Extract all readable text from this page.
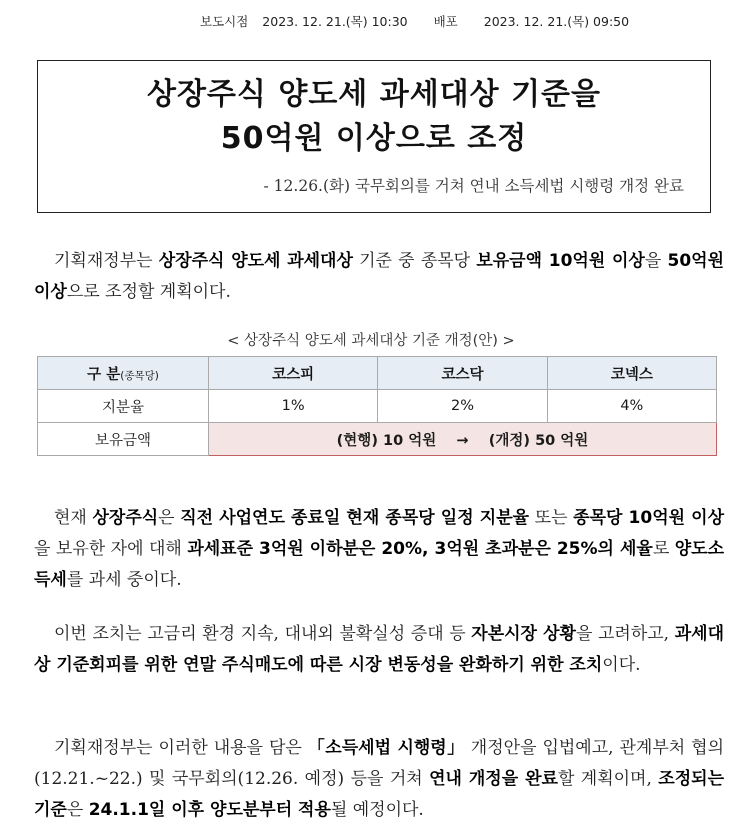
보도시점 2023. 12. 21.(목) 10:30 배포 2023. 12. 21.(목) 09:50
상장주식 양도세 과세대상 기준을
50억원 이상으로 조정
- 12.26.(화) 국무회의를 거쳐 연내 소득세법 시행령 개정 완료
기획재정부는 상장주식 양도세 과세대상 기준 중 종목당 보유금액 10억원 이상을 50억원 이상으로 조정할 계획이다.
< 상장주식 양도세 과세대상 기준 개정(안) >
구 분(종목당)	코스피	코스닥	코넥스
지분율	1%	2%	4%
보유금액	(현행) 10 억원    →    (개정) 50 억원		
현재 상장주식은 직전 사업연도 종료일 현재 종목당 일정 지분율 또는 종목당 10억원 이상을 보유한 자에 대해 과세표준 3억원 이하분은 20%, 3억원 초과분은 25%의 세율로 양도소득세를 과세 중이다.
이번 조치는 고금리 환경 지속, 대내외 불확실성 증대 등 자본시장 상황을 고려하고, 과세대상 기준회피를 위한 연말 주식매도에 따른 시장 변동성을 완화하기 위한 조치이다.
기획재정부는 이러한 내용을 담은 「소득세법 시행령」 개정안을 입법예고, 관계부처 협의(12.21.~22.) 및 국무회의(12.26. 예정) 등을 거쳐 연내 개정을 완료할 계획이며, 조정되는 기준은 24.1.1일 이후 양도분부터 적용될 예정이다.
